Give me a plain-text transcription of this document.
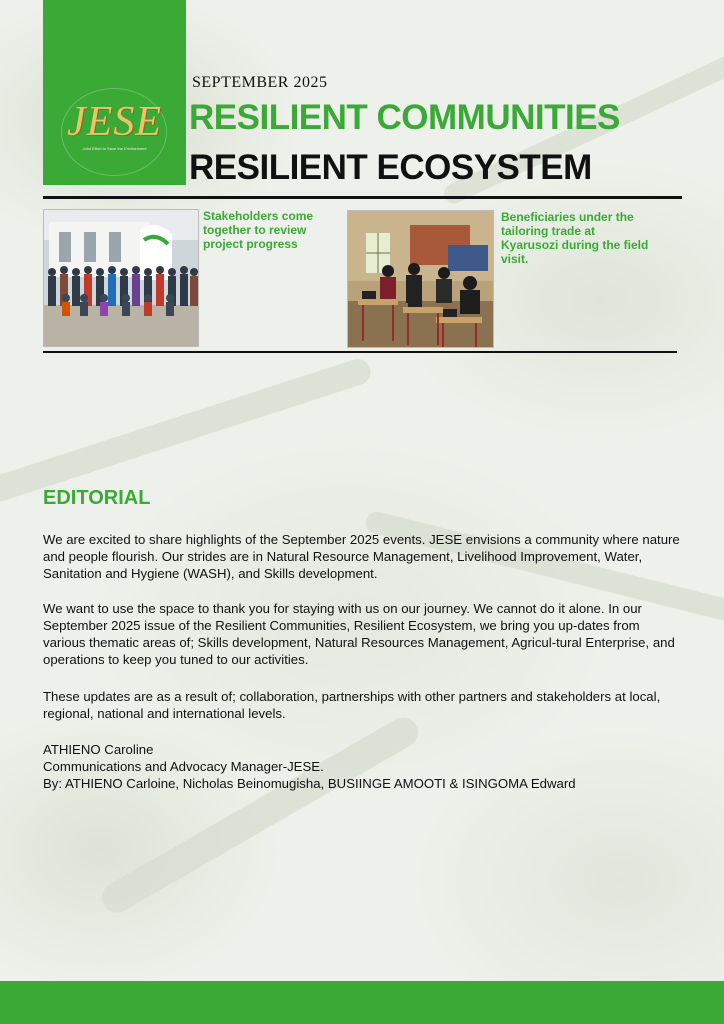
JESE
Joint Effort to Save the Environment
SEPTEMBER 2025
RESILIENT COMMUNITIES
RESILIENT ECOSYSTEM
Stakeholders come together to review project progress
Beneficiaries under the tailoring trade at Kyarusozi during the field visit.
EDITORIAL
We are excited to share highlights of the September 2025 events. JESE envisions a community where nature and people flourish. Our strides are in Natural Resource Management, Livelihood Improvement, Water, Sanitation and Hygiene (WASH), and Skills development.
We want to use the space to thank you for staying with us on our journey. We cannot do it alone. In our September 2025 issue of the Resilient Communities, Resilient Ecosystem, we bring you up-dates from various thematic areas of; Skills development, Natural Resources Management, Agricul-tural Enterprise, and operations to keep you tuned to our activities.
These updates are as a result of; collaboration, partnerships with other partners and stakeholders at local, regional, national and international levels.
ATHIENO Caroline
Communications and Advocacy Manager-JESE.
By: ATHIENO Carloine, Nicholas Beinomugisha, BUSIINGE AMOOTI & ISINGOMA Edward
